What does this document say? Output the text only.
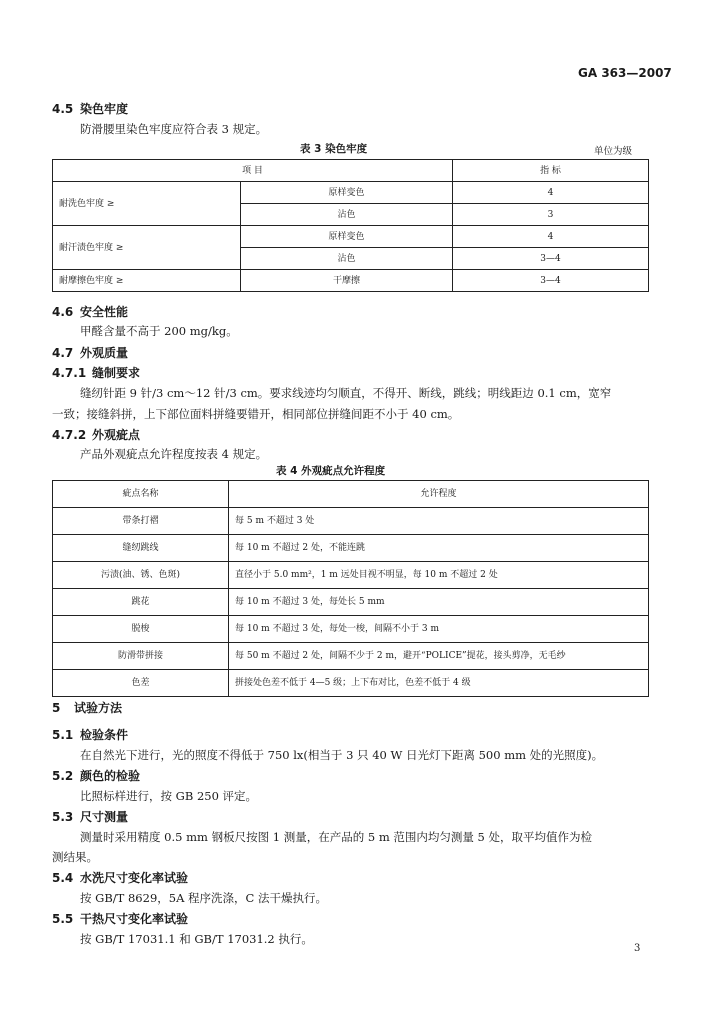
GA 363—2007
4.5 染色牢度
防滑腰里染色牢度应符合表 3 规定。
表 3 染色牢度	单位为级
项 目		指 标
耐洗色牢度 ≥	原样变色	4
	沾色	3
耐汗渍色牢度 ≥	原样变色	4
	沾色	3—4
耐摩擦色牢度 ≥	干摩擦	3—4
4.6 安全性能
甲醛含量不高于 200 mg/kg。
4.7 外观质量
4.7.1 缝制要求
缝纫针距 9 针/3 cm～12 针/3 cm。要求线迹均匀顺直，不得开、断线，跳线；明线距边 0.1 cm，宽窄
一致；接缝斜拼，上下部位面料拼缝要错开，相同部位拼缝间距不小于 40 cm。
4.7.2 外观疵点
产品外观疵点允许程度按表 4 规定。
表 4 外观疵点允许程度
疵点名称	允许程度
带条打褶	每 5 m 不超过 3 处
缝纫跳线	每 10 m 不超过 2 处，不能连跳
污渍(油、锈、色斑)	直径小于 5.0 mm²，1 m 远处目视不明显，每 10 m 不超过 2 处
跳花	每 10 m 不超过 3 处，每处长 5 mm
脱梭	每 10 m 不超过 3 处，每处一梭，间隔不小于 3 m
防滑带拼接	每 50 m 不超过 2 处，间隔不少于 2 m，避开“POLICE”提花，接头剪净，无毛纱
色差	拼接处色差不低于 4—5 级；上下布对比，色差不低于 4 级
5 试验方法
5.1 检验条件
在自然光下进行，光的照度不得低于 750 lx(相当于 3 只 40 W 日光灯下距离 500 mm 处的光照度)。
5.2 颜色的检验
比照标样进行，按 GB 250 评定。
5.3 尺寸测量
测量时采用精度 0.5 mm 钢板尺按图 1 测量，在产品的 5 m 范围内均匀测量 5 处，取平均值作为检
测结果。
5.4 水洗尺寸变化率试验
按 GB/T 8629，5A 程序洗涤，C 法干燥执行。
5.5 干热尺寸变化率试验
按 GB/T 17031.1 和 GB/T 17031.2 执行。
3
